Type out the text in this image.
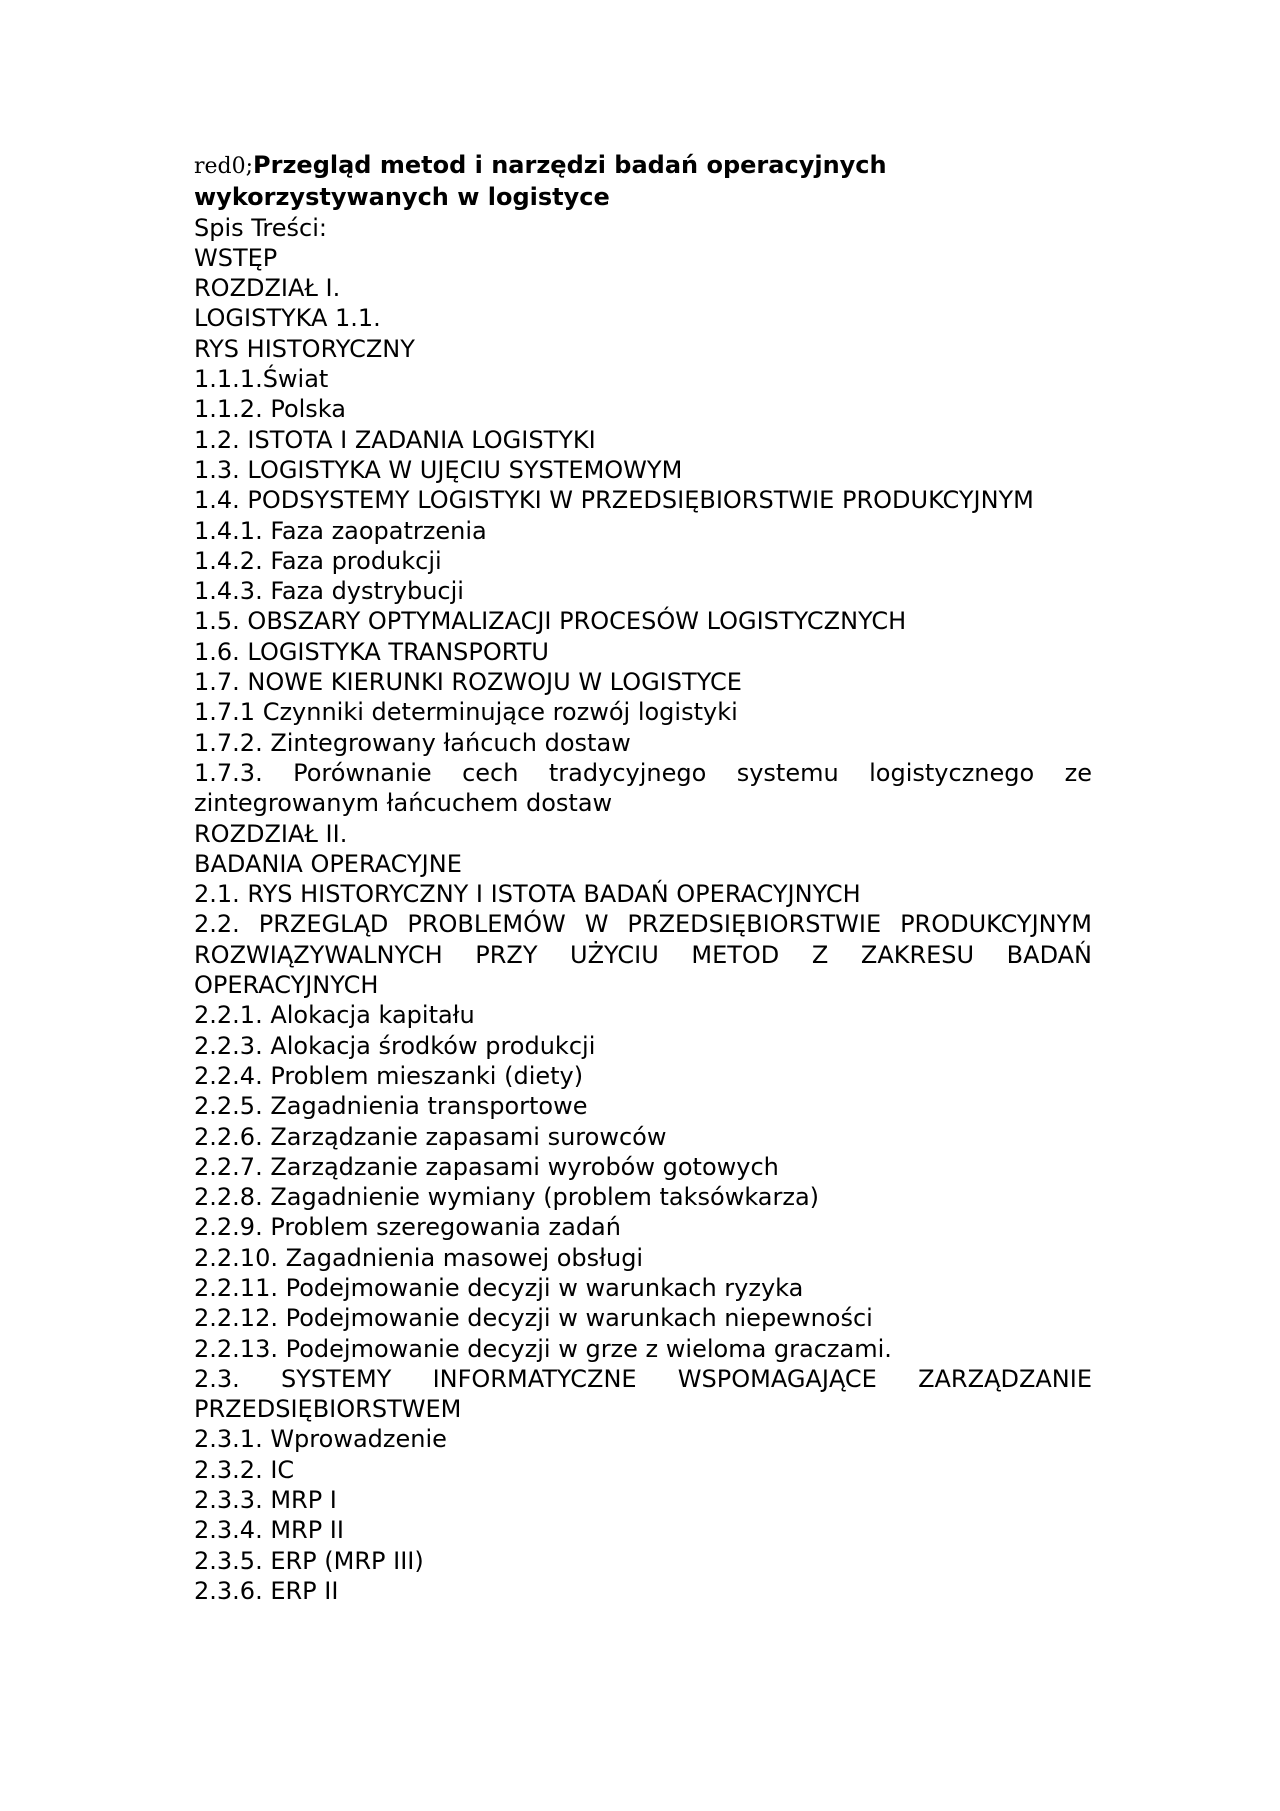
red0;Przegląd metod i narzędzi badań operacyjnych wykorzystywanych w logistyce
Spis Treści:
WSTĘP
ROZDZIAŁ I.
LOGISTYKA 1.1.
RYS HISTORYCZNY
1.1.1.Świat
1.1.2. Polska
1.2. ISTOTA I ZADANIA LOGISTYKI
1.3. LOGISTYKA W UJĘCIU SYSTEMOWYM
1.4. PODSYSTEMY LOGISTYKI W PRZEDSIĘBIORSTWIE PRODUKCYJNYM
1.4.1. Faza zaopatrzenia
1.4.2. Faza produkcji
1.4.3. Faza dystrybucji
1.5. OBSZARY OPTYMALIZACJI PROCESÓW LOGISTYCZNYCH
1.6. LOGISTYKA TRANSPORTU
1.7. NOWE KIERUNKI ROZWOJU W LOGISTYCE
1.7.1 Czynniki determinujące rozwój logistyki
1.7.2. Zintegrowany łańcuch dostaw
1.7.3. Porównanie cech tradycyjnego systemu logistycznego ze zintegrowanym łańcuchem dostaw
ROZDZIAŁ II.
BADANIA OPERACYJNE
2.1. RYS HISTORYCZNY I ISTOTA BADAŃ OPERACYJNYCH
2.2. PRZEGLĄD PROBLEMÓW W PRZEDSIĘBIORSTWIE PRODUKCYJNYM ROZWIĄZYWALNYCH PRZY UŻYCIU METOD Z ZAKRESU BADAŃ OPERACYJNYCH
2.2.1. Alokacja kapitału
2.2.3. Alokacja środków produkcji
2.2.4. Problem mieszanki (diety)
2.2.5. Zagadnienia transportowe
2.2.6. Zarządzanie zapasami surowców
2.2.7. Zarządzanie zapasami wyrobów gotowych
2.2.8. Zagadnienie wymiany (problem taksówkarza)
2.2.9. Problem szeregowania zadań
2.2.10. Zagadnienia masowej obsługi
2.2.11. Podejmowanie decyzji w warunkach ryzyka
2.2.12. Podejmowanie decyzji w warunkach niepewności
2.2.13. Podejmowanie decyzji w grze z wieloma graczami.
2.3. SYSTEMY INFORMATYCZNE WSPOMAGAJĄCE ZARZĄDZANIE PRZEDSIĘBIORSTWEM
2.3.1. Wprowadzenie
2.3.2. IC
2.3.3. MRP I
2.3.4. MRP II
2.3.5. ERP (MRP III)
2.3.6. ERP II
